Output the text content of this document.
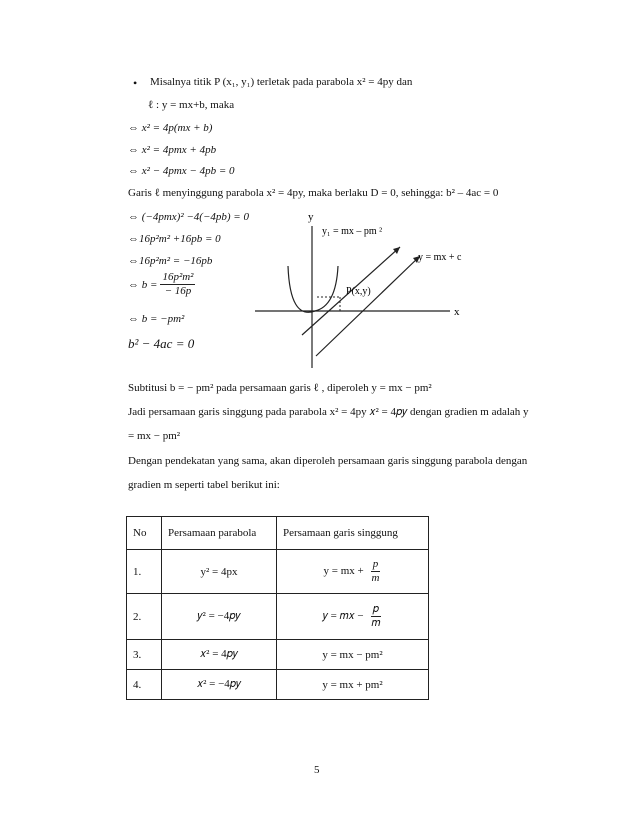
• Misalnya titik P (x₁, y₁) terletak pada parabola x² = 4py dan
ℓ : y = mx+b, maka
⇔ x² = 4p(mx + b)
⇔ x² = 4pmx + 4pb
⇔ x² − 4pmx − 4pb = 0
Garis ℓ menyinggung parabola x² = 4py, maka berlaku D = 0, sehingga: b² – 4ac = 0
⇔ (−4pmx)² −4(−4pb) = 0
⇔16p²m² +16pb = 0
⇔16p²m² = −16pb
⇔ $b = \frac{\text{16p²m²}}{- 16p}$
⇔ b = −pm²
b² − 4ac = 0
y
x
y₁ = mx – pm ²
y = mx + c
P(x,y)
Subtitusi b = − pm² pada persamaan garis ℓ , diperoleh y = mx − pm²
Jadi persamaan garis singgung pada parabola x² = 4py 𝑥² = 4𝑝𝑦 dengan gradien m adalah y
= mx − pm²
Dengan pendekatan yang sama, akan diperoleh persamaan garis singgung parabola dengan
gradien m seperti tabel berikut ini:
No	Persamaan parabola	Persamaan garis singgung
1.	y² = 4px	y = mx + $\frac{p}{m}$

2.	𝑦² = −4𝑝𝑦	𝑦 = 𝑚𝑥 − $\frac{\text{𝑝}}{\text{𝑚}}$

3.	𝑥² = 4𝑝𝑦	y = mx − pm²
4.	𝑥² = −4𝑝𝑦	y = mx + pm²
5
